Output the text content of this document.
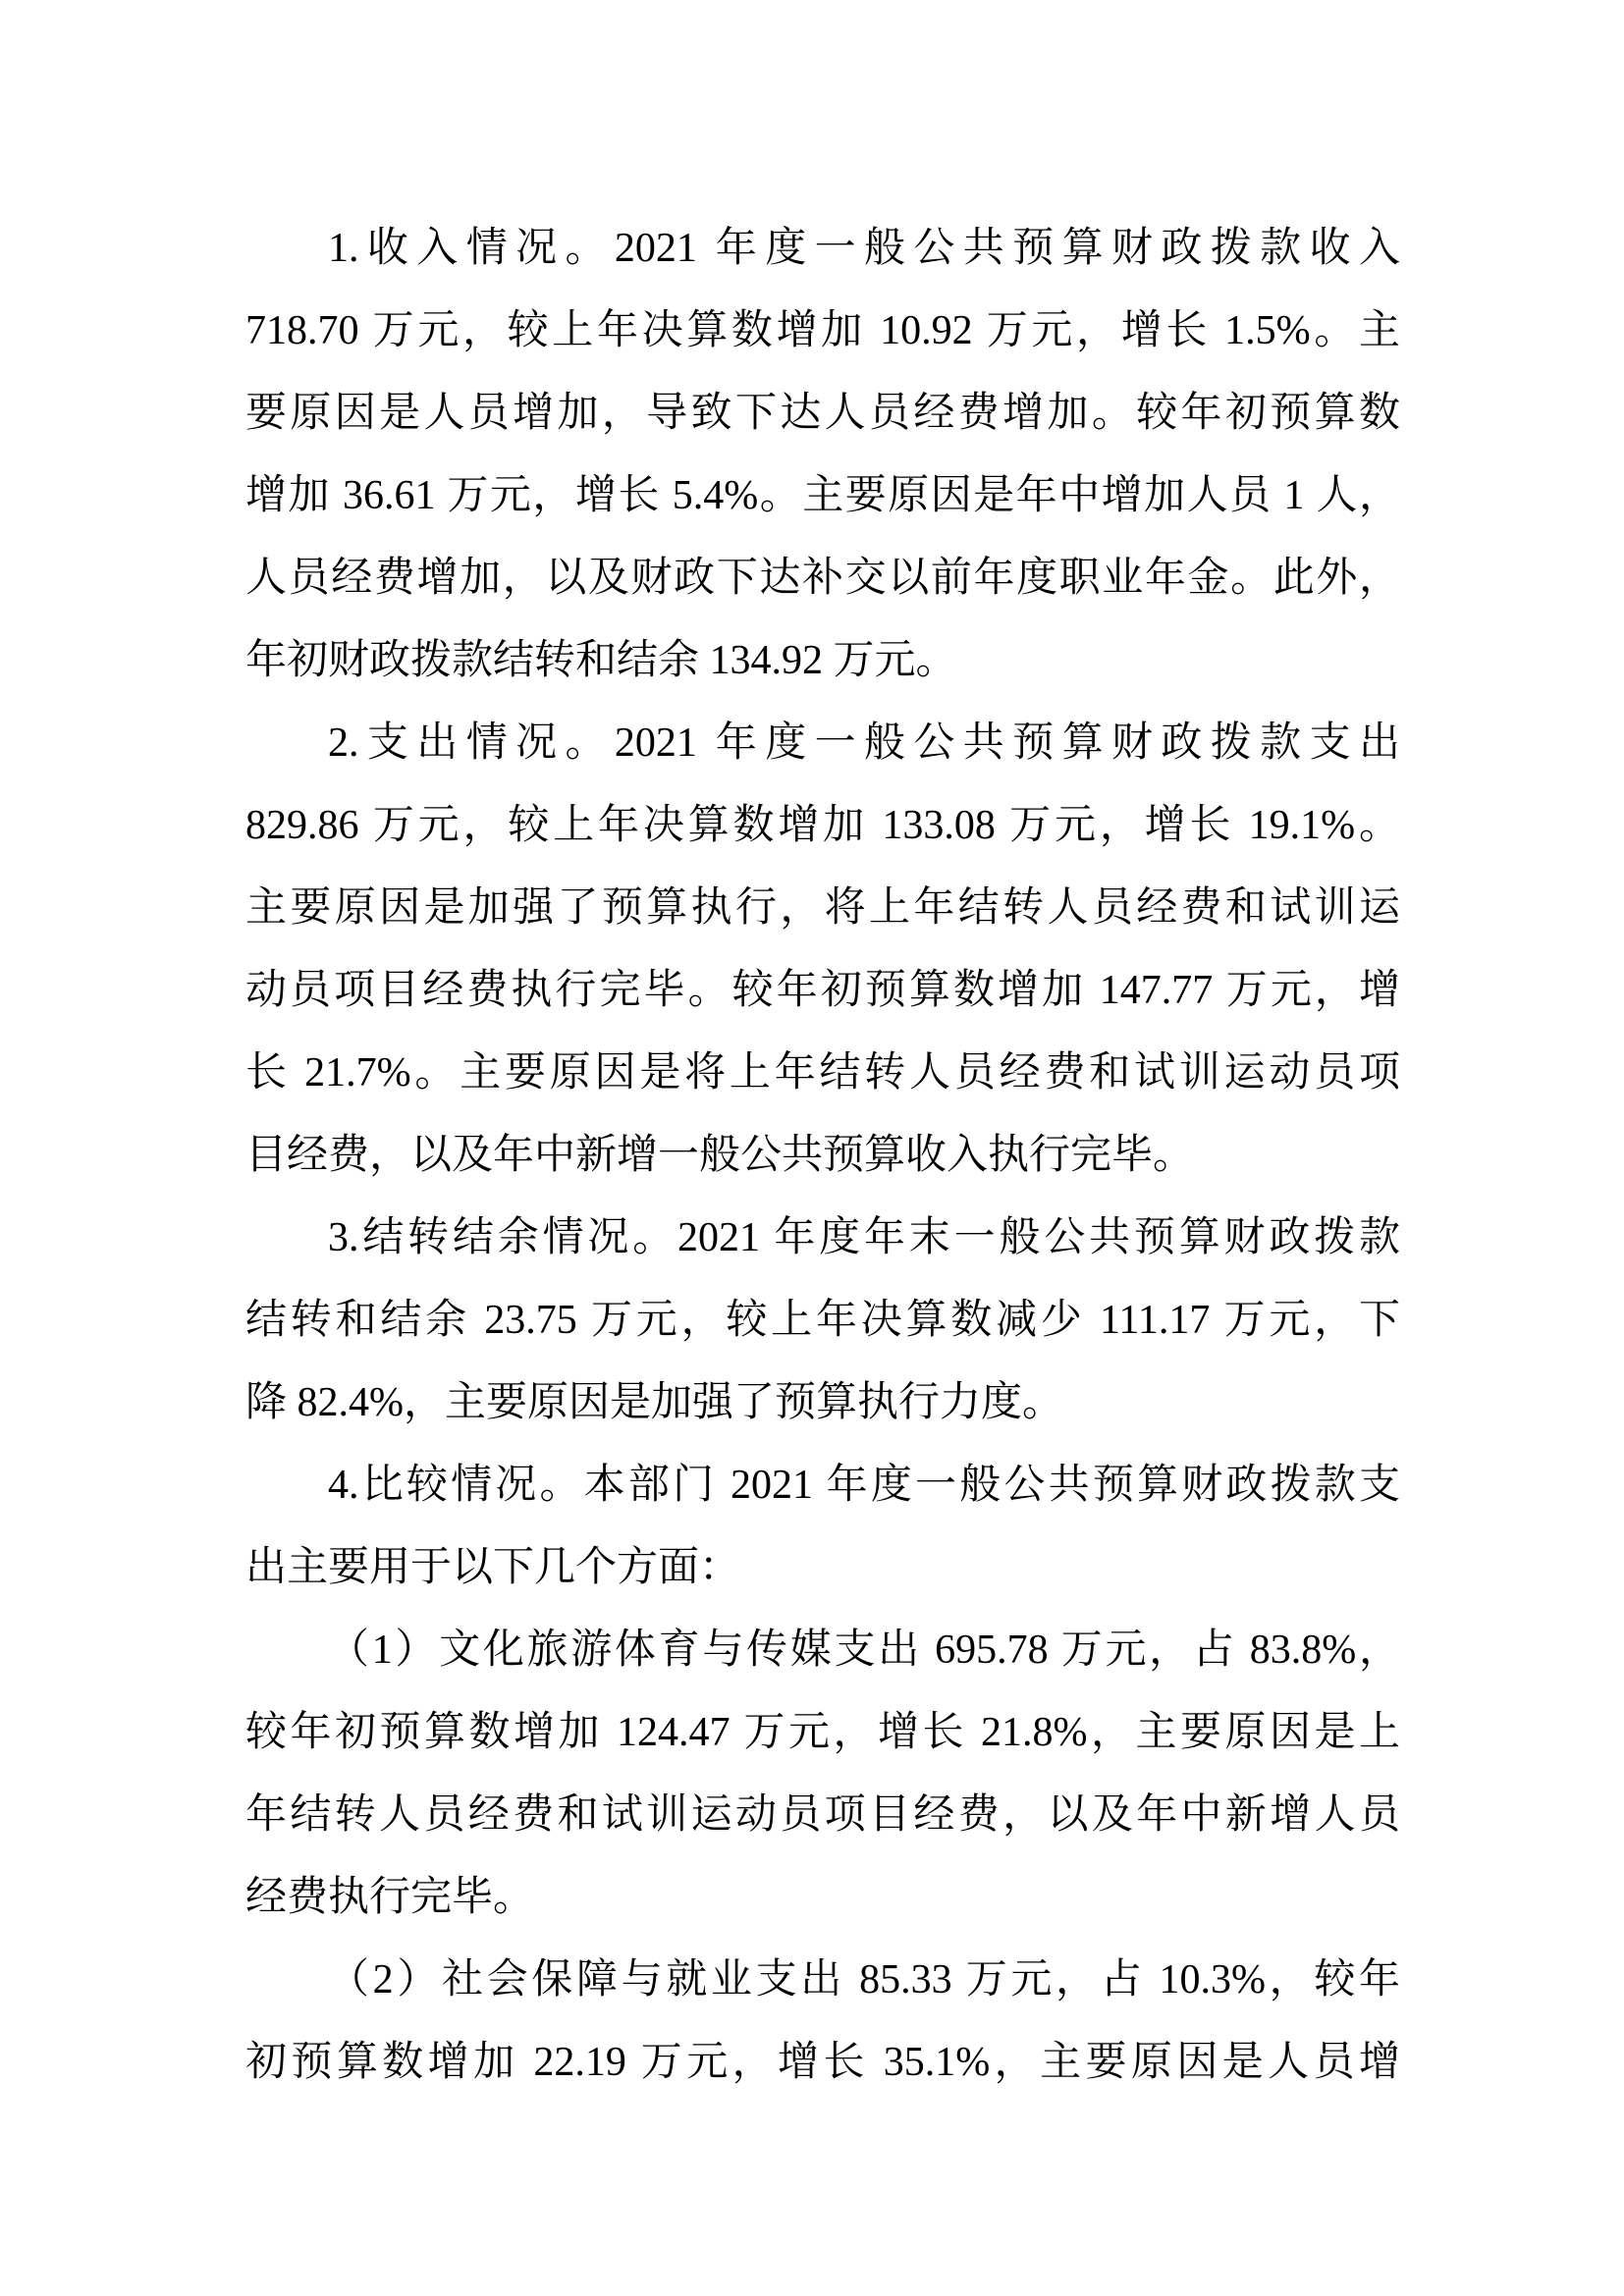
1.收入情况。2021 年度一般公共预算财政拨款收入
718.70 万元，较上年决算数增加 10.92 万元，增长 1.5%。主
要原因是人员增加，导致下达人员经费增加。较年初预算数
增加 36.61 万元，增长 5.4%。主要原因是年中增加人员 1 人，
人员经费增加，以及财政下达补交以前年度职业年金。此外，
年初财政拨款结转和结余 134.92 万元。
2.支出情况。2021 年度一般公共预算财政拨款支出
829.86 万元，较上年决算数增加 133.08 万元，增长 19.1%。
主要原因是加强了预算执行，将上年结转人员经费和试训运
动员项目经费执行完毕。较年初预算数增加 147.77 万元，增
长 21.7%。主要原因是将上年结转人员经费和试训运动员项
目经费，以及年中新增一般公共预算收入执行完毕。
3.结转结余情况。2021 年度年末一般公共预算财政拨款
结转和结余 23.75 万元，较上年决算数减少 111.17 万元，下
降 82.4%，主要原因是加强了预算执行力度。
4.比较情况。本部门 2021 年度一般公共预算财政拨款支
出主要用于以下几个方面：
（1）文化旅游体育与传媒支出 695.78 万元，占 83.8%，
较年初预算数增加 124.47 万元，增长 21.8%，主要原因是上
年结转人员经费和试训运动员项目经费，以及年中新增人员
经费执行完毕。
（2）社会保障与就业支出 85.33 万元，占 10.3%，较年
初预算数增加 22.19 万元，增长 35.1%，主要原因是人员增
